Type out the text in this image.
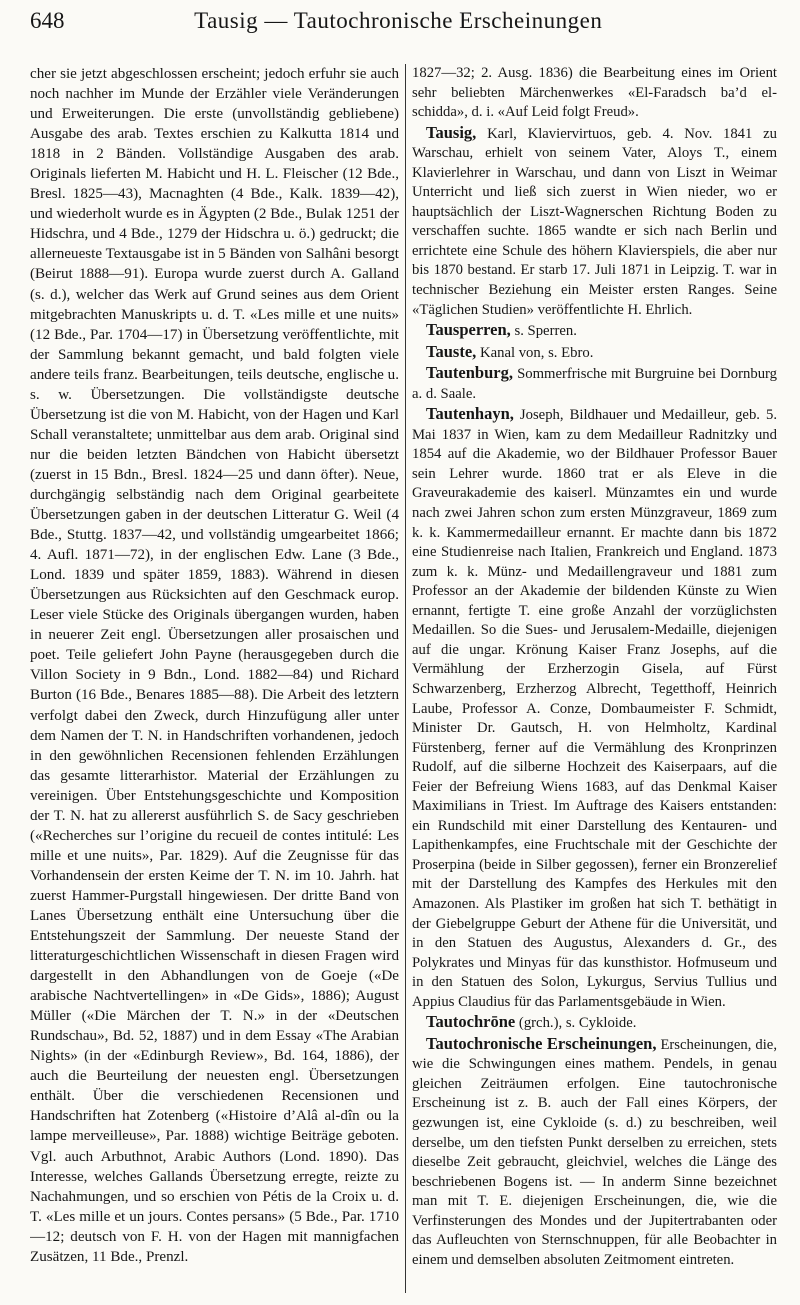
648	Tausig — Tautochronische Erscheinungen

cher sie jetzt abgeschlossen erscheint; jedoch erfuhr sie auch noch nachher im Munde der Erzähler viele Veränderungen und Erweiterungen. Die erste (unvollständig gebliebene) Ausgabe des arab. Textes erschien zu Kalkutta 1814 und 1818 in 2 Bänden. Vollständige Ausgaben des arab. Originals lieferten M. Habicht und H. L. Fleischer (12 Bde., Bresl. 1825—43), Macnaghten (4 Bde., Kalk. 1839—42), und wiederholt wurde es in Ägypten (2 Bde., Bulak 1251 der Hidschra, und 4 Bde., 1279 der Hidschra u. ö.) gedruckt; die allerneueste Textausgabe ist in 5 Bänden von Salhâni besorgt (Beirut 1888—91). Europa wurde zuerst durch A. Galland (s. d.), welcher das Werk auf Grund seines aus dem Orient mitgebrachten Manuskripts u. d. T. «Les mille et une nuits» (12 Bde., Par. 1704—17) in Übersetzung veröffentlichte, mit der Sammlung bekannt gemacht, und bald folgten viele andere teils franz. Bearbeitungen, teils deutsche, englische u. s. w. Übersetzungen. Die vollständigste deutsche Übersetzung ist die von M. Habicht, von der Hagen und Karl Schall veranstaltete; unmittelbar aus dem arab. Original sind nur die beiden letzten Bändchen von Habicht übersetzt (zuerst in 15 Bdn., Bresl. 1824—25 und dann öfter). Neue, durchgängig selbständig nach dem Original gearbeitete Übersetzungen gaben in der deutschen Litteratur G. Weil (4 Bde., Stuttg. 1837—42, und vollständig umgearbeitet 1866; 4. Aufl. 1871—72), in der englischen Edw. Lane (3 Bde., Lond. 1839 und später 1859, 1883). Während in diesen Übersetzungen aus Rücksichten auf den Geschmack europ. Leser viele Stücke des Originals übergangen wurden, haben in neuerer Zeit engl. Übersetzungen aller prosaischen und poet. Teile geliefert John Payne (herausgegeben durch die Villon Society in 9 Bdn., Lond. 1882—84) und Richard Burton (16 Bde., Benares 1885—88). Die Arbeit des letztern verfolgt dabei den Zweck, durch Hinzufügung aller unter dem Namen der T. N. in Handschriften vorhandenen, jedoch in den gewöhnlichen Recensionen fehlenden Erzählungen das gesamte litterarhistor. Material der Erzählungen zu vereinigen. Über Entstehungsgeschichte und Komposition der T. N. hat zu allererst ausführlich S. de Sacy geschrieben («Recherches sur l’origine du recueil de contes intitulé: Les mille et une nuits», Par. 1829). Auf die Zeugnisse für das Vorhandensein der ersten Keime der T. N. im 10. Jahrh. hat zuerst Hammer-Purgstall hingewiesen. Der dritte Band von Lanes Übersetzung enthält eine Untersuchung über die Entstehungszeit der Sammlung. Der neueste Stand der litteraturgeschichtlichen Wissenschaft in diesen Fragen wird dargestellt in den Abhandlungen von de Goeje («De arabische Nachtvertellingen» in «De Gids», 1886); August Müller («Die Märchen der T. N.» in der «Deutschen Rundschau», Bd. 52, 1887) und in dem Essay «The Arabian Nights» (in der «Edinburgh Review», Bd. 164, 1886), der auch die Beurteilung der neuesten engl. Übersetzungen enthält. Über die verschiedenen Recensionen und Handschriften hat Zotenberg («Histoire d’Alâ al-dîn ou la lampe merveilleuse», Par. 1888) wichtige Beiträge geboten. Vgl. auch Arbuthnot, Arabic Authors (Lond. 1890). Das Interesse, welches Gallands Übersetzung erregte, reizte zu Nachahmungen, und so erschien von Pétis de la Croix u. d. T. «Les mille et un jours. Contes persans» (5 Bde., Par. 1710—12; deutsch von F. H. von der Hagen mit mannigfachen Zusätzen, 11 Bde., Prenzl.

1827—32; 2. Ausg. 1836) die Bearbeitung eines im Orient sehr beliebten Märchenwerkes «El-Faradsch ba’d el-schidda», d. i. «Auf Leid folgt Freud».

Tausig, Karl, Klaviervirtuos, geb. 4. Nov. 1841 zu Warschau, erhielt von seinem Vater, Aloys T., einem Klavierlehrer in Warschau, und dann von Liszt in Weimar Unterricht und ließ sich zuerst in Wien nieder, wo er hauptsächlich der Liszt-Wagnerschen Richtung Boden zu verschaffen suchte. 1865 wandte er sich nach Berlin und errichtete eine Schule des höhern Klavierspiels, die aber nur bis 1870 bestand. Er starb 17. Juli 1871 in Leipzig. T. war in technischer Beziehung ein Meister ersten Ranges. Seine «Täglichen Studien» veröffentlichte H. Ehrlich.

Tausperren, s. Sperren.

Tauste, Kanal von, s. Ebro.

Tautenburg, Sommerfrische mit Burgruine bei Dornburg a. d. Saale.

Tautenhayn, Joseph, Bildhauer und Medailleur, geb. 5. Mai 1837 in Wien, kam zu dem Medailleur Radnitzky und 1854 auf die Akademie, wo der Bildhauer Professor Bauer sein Lehrer wurde. 1860 trat er als Eleve in die Graveurakademie des kaiserl. Münzamtes ein und wurde nach zwei Jahren schon zum ersten Münzgraveur, 1869 zum k. k. Kammermedailleur ernannt. Er machte dann bis 1872 eine Studienreise nach Italien, Frankreich und England. 1873 zum k. k. Münz- und Medaillengraveur und 1881 zum Professor an der Akademie der bildenden Künste zu Wien ernannt, fertigte T. eine große Anzahl der vorzüglichsten Medaillen. So die Sues- und Jerusalem-Medaille, diejenigen auf die ungar. Krönung Kaiser Franz Josephs, auf die Vermählung der Erzherzogin Gisela, auf Fürst Schwarzenberg, Erzherzog Albrecht, Tegetthoff, Heinrich Laube, Professor A. Conze, Dombaumeister F. Schmidt, Minister Dr. Gautsch, H. von Helmholtz, Kardinal Fürstenberg, ferner auf die Vermählung des Kronprinzen Rudolf, auf die silberne Hochzeit des Kaiserpaars, auf die Feier der Befreiung Wiens 1683, auf das Denkmal Kaiser Maximilians in Triest. Im Auftrage des Kaisers entstanden: ein Rundschild mit einer Darstellung des Kentauren- und Lapithenkampfes, eine Fruchtschale mit der Geschichte der Proserpina (beide in Silber gegossen), ferner ein Bronzerelief mit der Darstellung des Kampfes des Herkules mit den Amazonen. Als Plastiker im großen hat sich T. bethätigt in der Giebelgruppe Geburt der Athene für die Universität, und in den Statuen des Augustus, Alexanders d. Gr., des Polykrates und Minyas für das kunsthistor. Hofmuseum und in den Statuen des Solon, Lykurgus, Servius Tullius und Appius Claudius für das Parlamentsgebäude in Wien.

Tautochrōne (grch.), s. Cykloide.

Tautochronische Erscheinungen, Erscheinungen, die, wie die Schwingungen eines mathem. Pendels, in genau gleichen Zeiträumen erfolgen. Eine tautochronische Erscheinung ist z. B. auch der Fall eines Körpers, der gezwungen ist, eine Cykloide (s. d.) zu beschreiben, weil derselbe, um den tiefsten Punkt derselben zu erreichen, stets dieselbe Zeit gebraucht, gleichviel, welches die Länge des beschriebenen Bogens ist. — In anderm Sinne bezeichnet man mit T. E. diejenigen Erscheinungen, die, wie die Verfinsterungen des Mondes und der Jupitertrabanten oder das Aufleuchten von Sternschnuppen, für alle Beobachter in einem und demselben absoluten Zeitmoment eintreten.
